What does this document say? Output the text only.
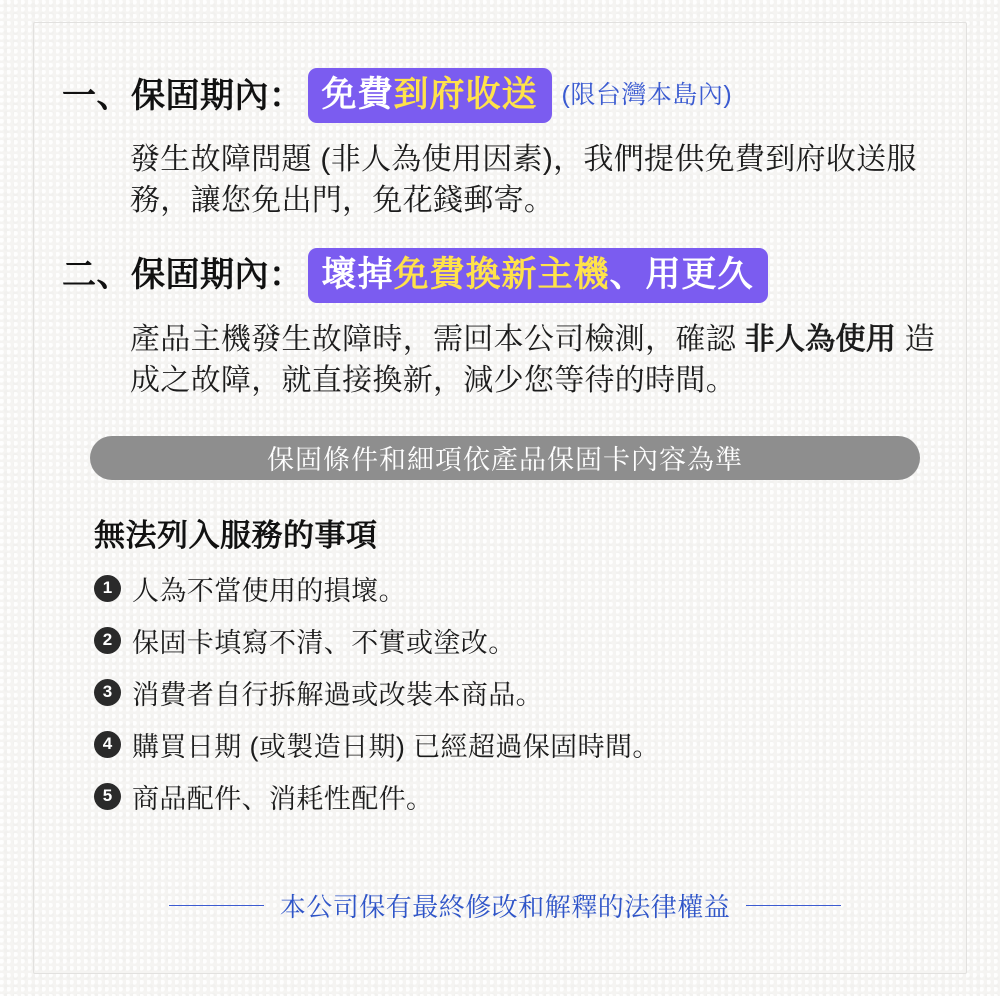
一、保固期內： 免費 到府收送 (限台灣本島內)
發生故障問題 (非人為使用因素)，我們提供免費到府收送服務，讓您免出門，免花錢郵寄。
二、保固期內： 壞掉 免費換新主機 、用更久
產品主機發生故障時，需回本公司檢測，確認 非人為使用 造成之故障，就直接換新，減少您等待的時間。
保固條件和細項依產品保固卡內容為準
無法列入服務的事項
1 人為不當使用的損壞。
2 保固卡填寫不清、不實或塗改。
3 消費者自行拆解過或改裝本商品。
4 購買日期 (或製造日期) 已經超過保固時間。
5 商品配件、消耗性配件。
本公司保有最終修改和解釋的法律權益
